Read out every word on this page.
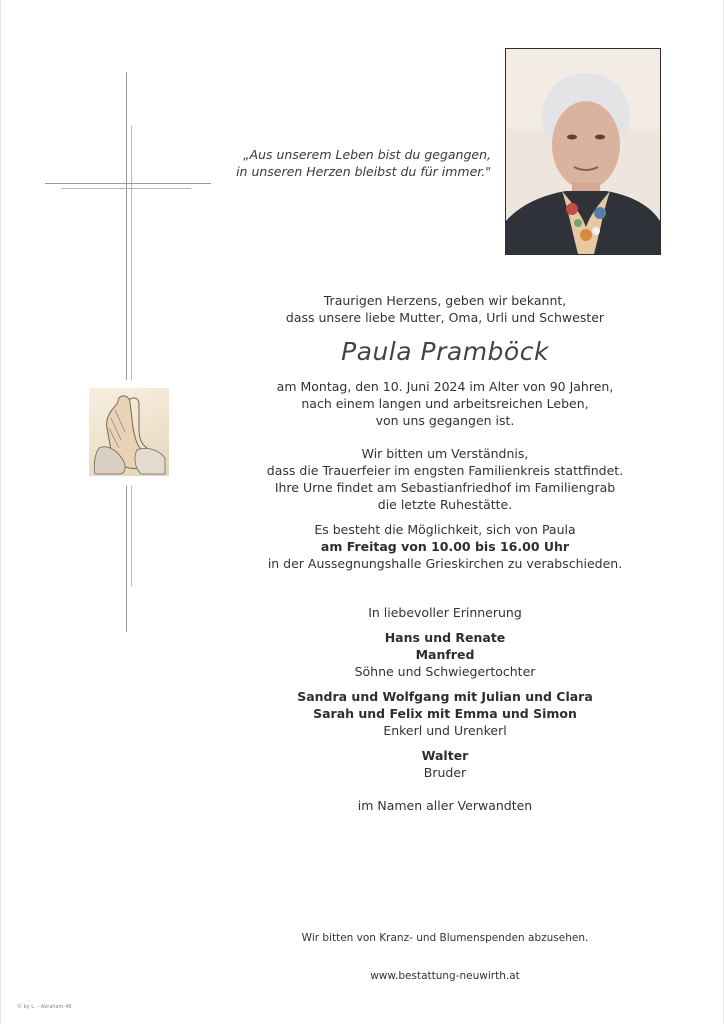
„Aus unserem Leben bist du gegangen,
in unseren Herzen bleibst du für immer."
Traurigen Herzens, geben wir bekannt,
dass unsere liebe Mutter, Oma, Urli und Schwester
Paula Pramböck
am Montag, den 10. Juni 2024 im Alter von 90 Jahren,
nach einem langen und arbeitsreichen Leben,
von uns gegangen ist.
Wir bitten um Verständnis,
dass die Trauerfeier im engsten Familienkreis stattfindet.
Ihre Urne findet am Sebastianfriedhof im Familiengrab
die letzte Ruhestätte.
Es besteht die Möglichkeit, sich von Paula
am Freitag von 10.00 bis 16.00 Uhr
in der Aussegnungshalle Grieskirchen zu verabschieden.
In liebevoller Erinnerung
Hans und Renate
Manfred
Söhne und Schwiegertochter
Sandra und Wolfgang mit Julian und Clara
Sarah und Felix mit Emma und Simon
Enkerl und Urenkerl
Walter
Bruder
im Namen aller Verwandten
Wir bitten von Kranz- und Blumenspenden abzusehen.
www.bestattung-neuwirth.at
© by L. - Abraham 48
